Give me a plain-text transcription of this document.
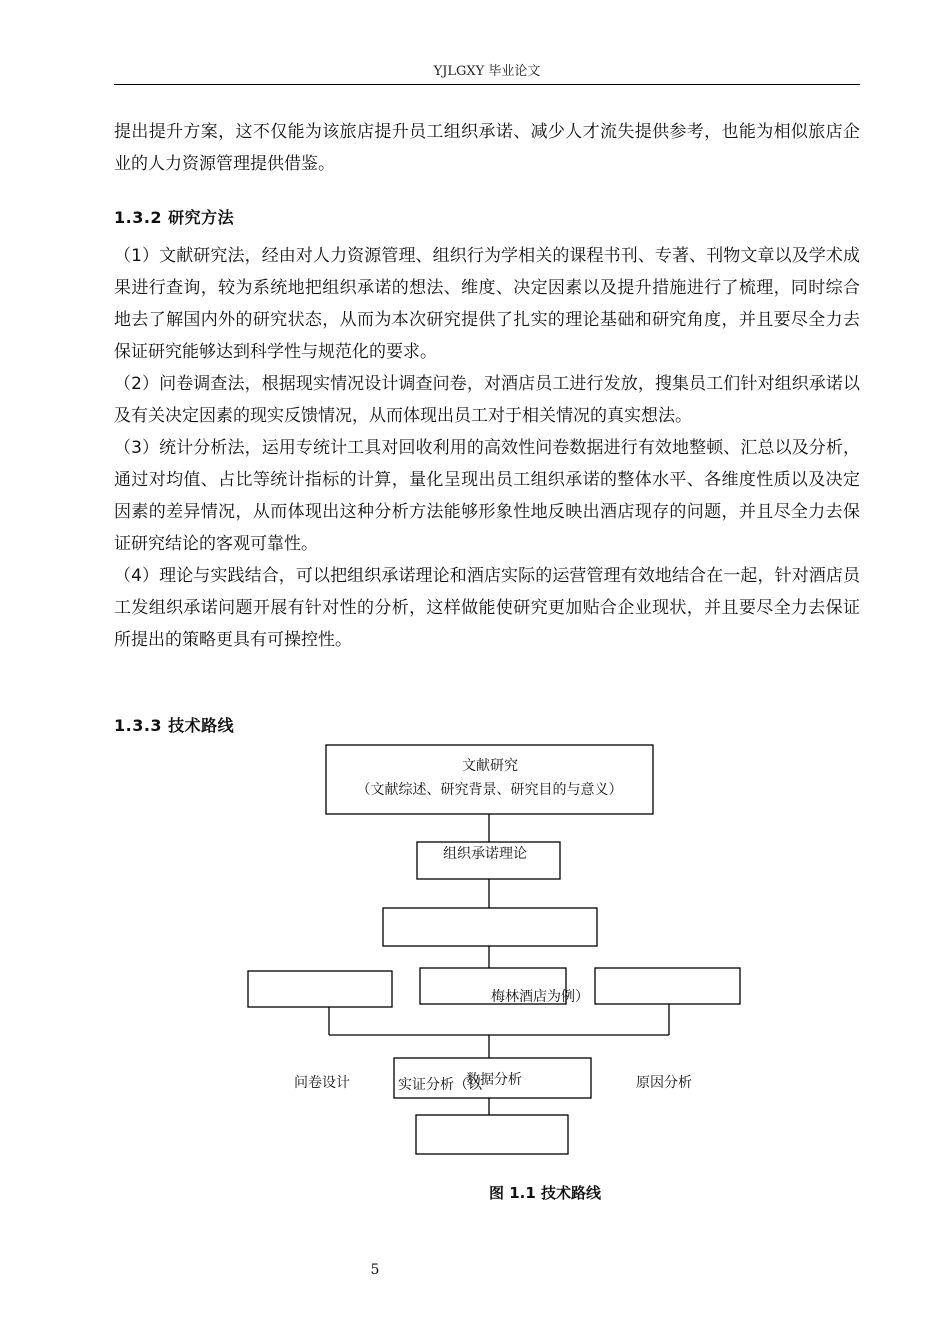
YJLGXY 毕业论文

提出提升方案，这不仅能为该旅店提升员工组织承诺、减少人才流失提供参考，也能为相似旅店企业的人力资源管理提供借鉴。

1.3.2 研究方法

（1）文献研究法，经由对人力资源管理、组织行为学相关的课程书刊、专著、刊物文章以及学术成果进行查询，较为系统地把组织承诺的想法、维度、决定因素以及提升措施进行了梳理，同时综合地去了解国内外的研究状态，从而为本次研究提供了扎实的理论基础和研究角度，并且要尽全力去保证研究能够达到科学性与规范化的要求。

（2）问卷调查法，根据现实情况设计调查问卷，对酒店员工进行发放，搜集员工们针对组织承诺以及有关决定因素的现实反馈情况，从而体现出员工对于相关情况的真实想法。

（3）统计分析法，运用专统计工具对回收利用的高效性问卷数据进行有效地整顿、汇总以及分析，通过对均值、占比等统计指标的计算，量化呈现出员工组织承诺的整体水平、各维度性质以及决定因素的差异情况，从而体现出这种分析方法能够形象性地反映出酒店现存的问题，并且尽全力去保证研究结论的客观可靠性。

（4）理论与实践结合，可以把组织承诺理论和酒店实际的运营管理有效地结合在一起，针对酒店员工发组织承诺问题开展有针对性的分析，这样做能使研究更加贴合企业现状，并且要尽全力去保证所提出的策略更具有可操控性。

1.3.3 技术路线
文献研究
（文献综述、研究背景、研究目的与意义）
组织承诺理论
梅林酒店为例）
问卷设计	实证分析（以
数据分析	原因分析
图 1.1 技术路线
5
